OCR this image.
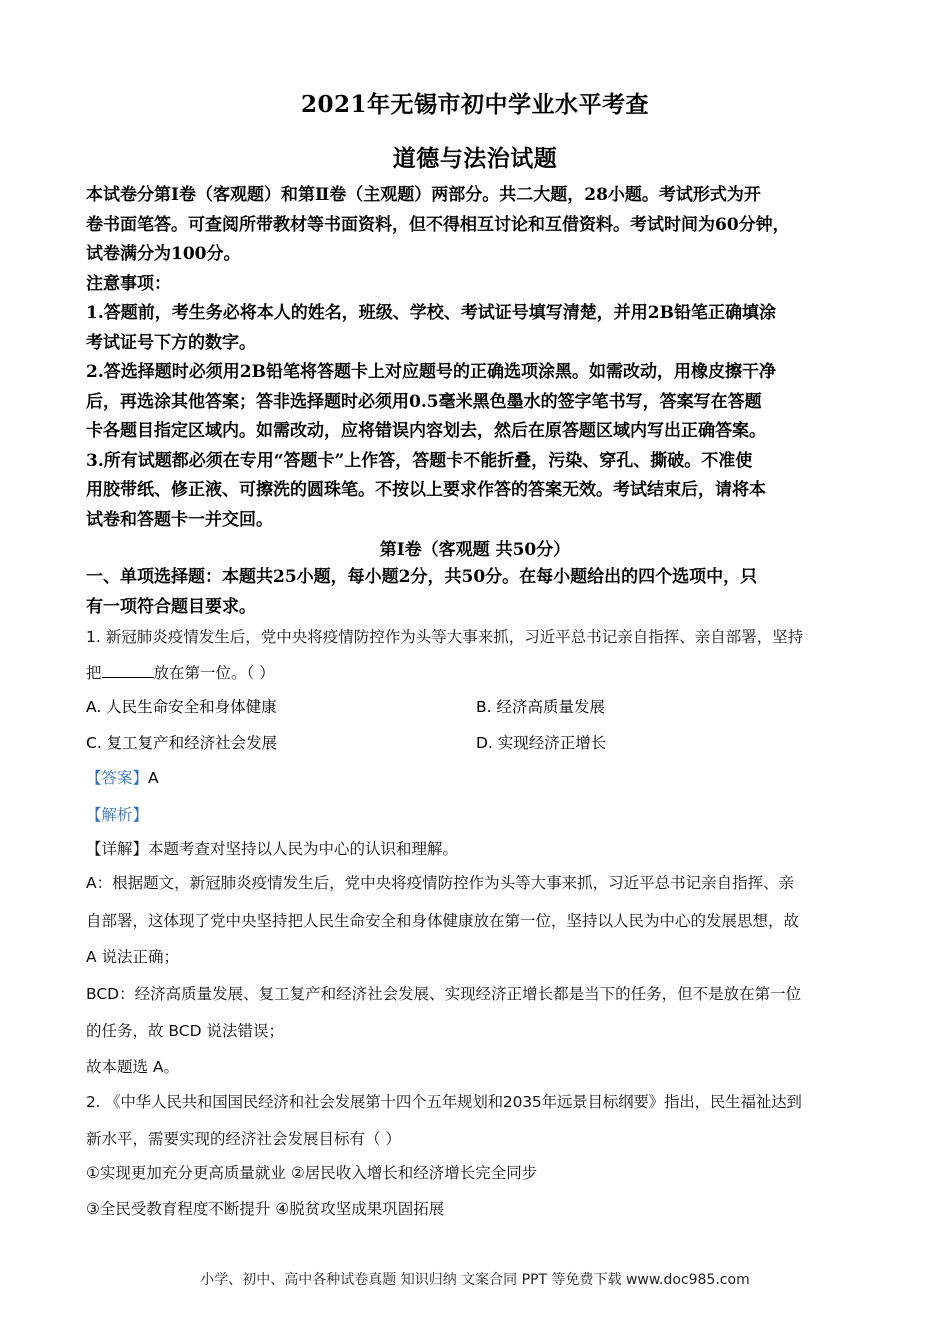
2021年无锡市初中学业水平考查
道德与法治试题
本试卷分第Ⅰ卷（客观题）和第Ⅱ卷（主观题）两部分。共二大题，28小题。考试形式为开
卷书面笔答。可查阅所带教材等书面资料，但不得相互讨论和互借资料。考试时间为60分钟，
试卷满分为100分。
注意事项：
1.答题前，考生务必将本人的姓名，班级、学校、考试证号填写清楚，并用2B铅笔正确填涂
考试证号下方的数字。
2.答选择题时必须用2B铅笔将答题卡上对应题号的正确选项涂黑。如需改动，用橡皮擦干净
后，再选涂其他答案；答非选择题时必须用0.5毫米黑色墨水的签字笔书写，答案写在答题
卡各题目指定区域内。如需改动，应将错误内容划去，然后在原答题区域内写出正确答案。
3.所有试题都必须在专用“答题卡”上作答，答题卡不能折叠，污染、穿孔、撕破。不准使
用胶带纸、修正液、可擦洗的圆珠笔。不按以上要求作答的答案无效。考试结束后，请将本
试卷和答题卡一并交回。
第Ⅰ卷（客观题 共50分）
一、单项选择题：本题共25小题，每小题2分，共50分。在每小题给出的四个选项中，只
有一项符合题目要求。
1. 新冠肺炎疫情发生后，党中央将疫情防控作为头等大事来抓，习近平总书记亲自指挥、亲自部署，坚持
把	放在第一位。（ ）
A. 人民生命安全和身体健康	B. 经济高质量发展
C. 复工复产和经济社会发展	D. 实现经济正增长
【答案】A
【解析】
【详解】本题考查对坚持以人民为中心的认识和理解。
A：根据题文，新冠肺炎疫情发生后，党中央将疫情防控作为头等大事来抓，习近平总书记亲自指挥、亲
自部署，这体现了党中央坚持把人民生命安全和身体健康放在第一位，坚持以人民为中心的发展思想，故
A 说法正确；
BCD：经济高质量发展、复工复产和经济社会发展、实现经济正增长都是当下的任务，但不是放在第一位
的任务，故 BCD 说法错误；
故本题选 A。
2. 《中华人民共和国国民经济和社会发展第十四个五年规划和2035年远景目标纲要》指出，民生福祉达到
新水平，需要实现的经济社会发展目标有（ ）
①实现更加充分更高质量就业 ②居民收入增长和经济增长完全同步
③全民受教育程度不断提升 ④脱贫攻坚成果巩固拓展
小学、初中、高中各种试卷真题 知识归纳 文案合同 PPT 等免费下载 www.doc985.com
